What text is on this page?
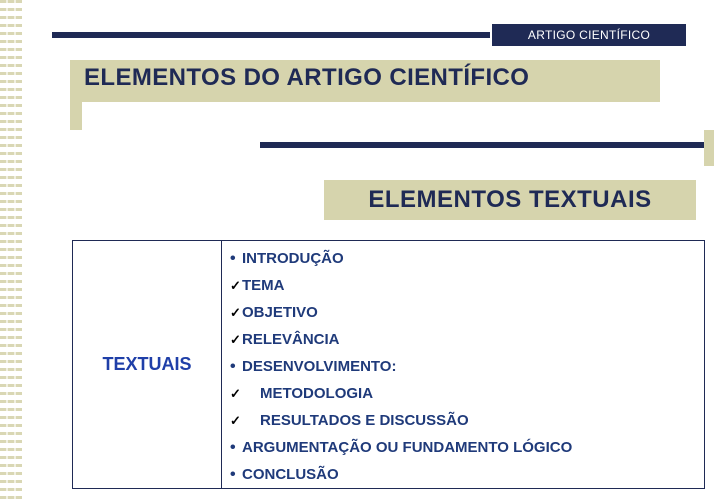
ARTIGO CIENTÍFICO
ELEMENTOS DO ARTIGO CIENTÍFICO
ELEMENTOS TEXTUAIS
TEXTUAIS	
• INTRODUÇÃO
✓TEMA
✓OBJETIVO
✓RELEVÂNCIA
• DESENVOLVIMENTO:
✓ METODOLOGIA
✓ RESULTADOS E DISCUSSÃO
• ARGUMENTAÇÃO OU FUNDAMENTO LÓGICO
• CONCLUSÃO
